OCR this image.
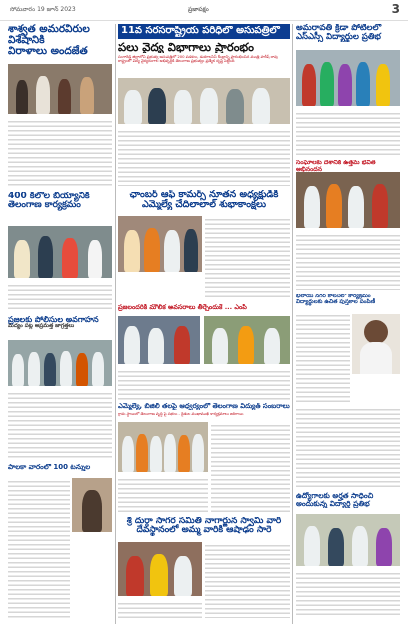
సోమవారం 19 జూన్ 2023	ప్రజాపక్షం	3
శాశ్వత అమరవీరుల విశేషానికి
విరాళాలు అందజేత
400 కిలోల బియ్యానికి
తెలంగాణ కార్యక్రమం
ప్రజలకు పోలీసుల అవగాహన
మద్యం పట్ల అప్రమత్త జాగ్రత్తలు
పాలకా వారంలో 100 టన్నుల
11వ సరసరాష్ట్రీయ పరిధిలో అసుపత్రిలో
పలు వైద్య విభాగాలు ప్రారంభం
సంగారెడ్డి జిల్లాలోని ప్రభుత్వ ఆసుపత్రిలో 200 పడకలు, డయాలసిస్ కేంద్రాన్ని ప్రారంభించిన మంత్రి హరీష్ రావు
రాష్ట్రంలో విద్య వైద్యరంగాల అభివృద్ధికి తెలంగాణ ప్రభుత్వం ప్రత్యేక దృష్టి పెట్టింది
ఛాంబర్ ఆఫ్ కామర్స్ నూతన అధ్యక్షుడికి
ఎమ్మెల్యే చేదిలాలాల్ శుభాకాంక్షలు
ప్రజలందరికీ మౌలిక అవసరాలు తీర్చేందుకే ... ఎంపీ
ఎమ్మెల్యే, బిజిలీ తలపై ఆధ్వర్యంలో తెలంగాణ విద్యుత్ సంబరాలు
గ్రామ స్థాయిలో తెలంగాణ వృద్ధి పై సభలు - రైతుల ముఖాముఖి కార్యక్రమాలు జరిగాయి
శ్రీ దుర్గా సాగర సమితి నాగార్జున స్వామి వారి
దేవస్థానంలో అమ్మ వారికి ఆషాఢం సారె
అమరావతి క్రీడా పోటీలలో
ఎస్ఎస్సీ విద్యార్థుల ప్రతిభ
సంఘాలకు దేశానికి ఉత్తమ భవిత అభినందన
భిలాయ్ నగర్ కాలనీలో కార్యక్రమం
విద్యార్థులకు ఉచిత పుస్తకాల పంపిణీ
ఉద్యోగాలకు అర్హత సాధించి
అందుకున్న విద్యార్థి ప్రతిభ
